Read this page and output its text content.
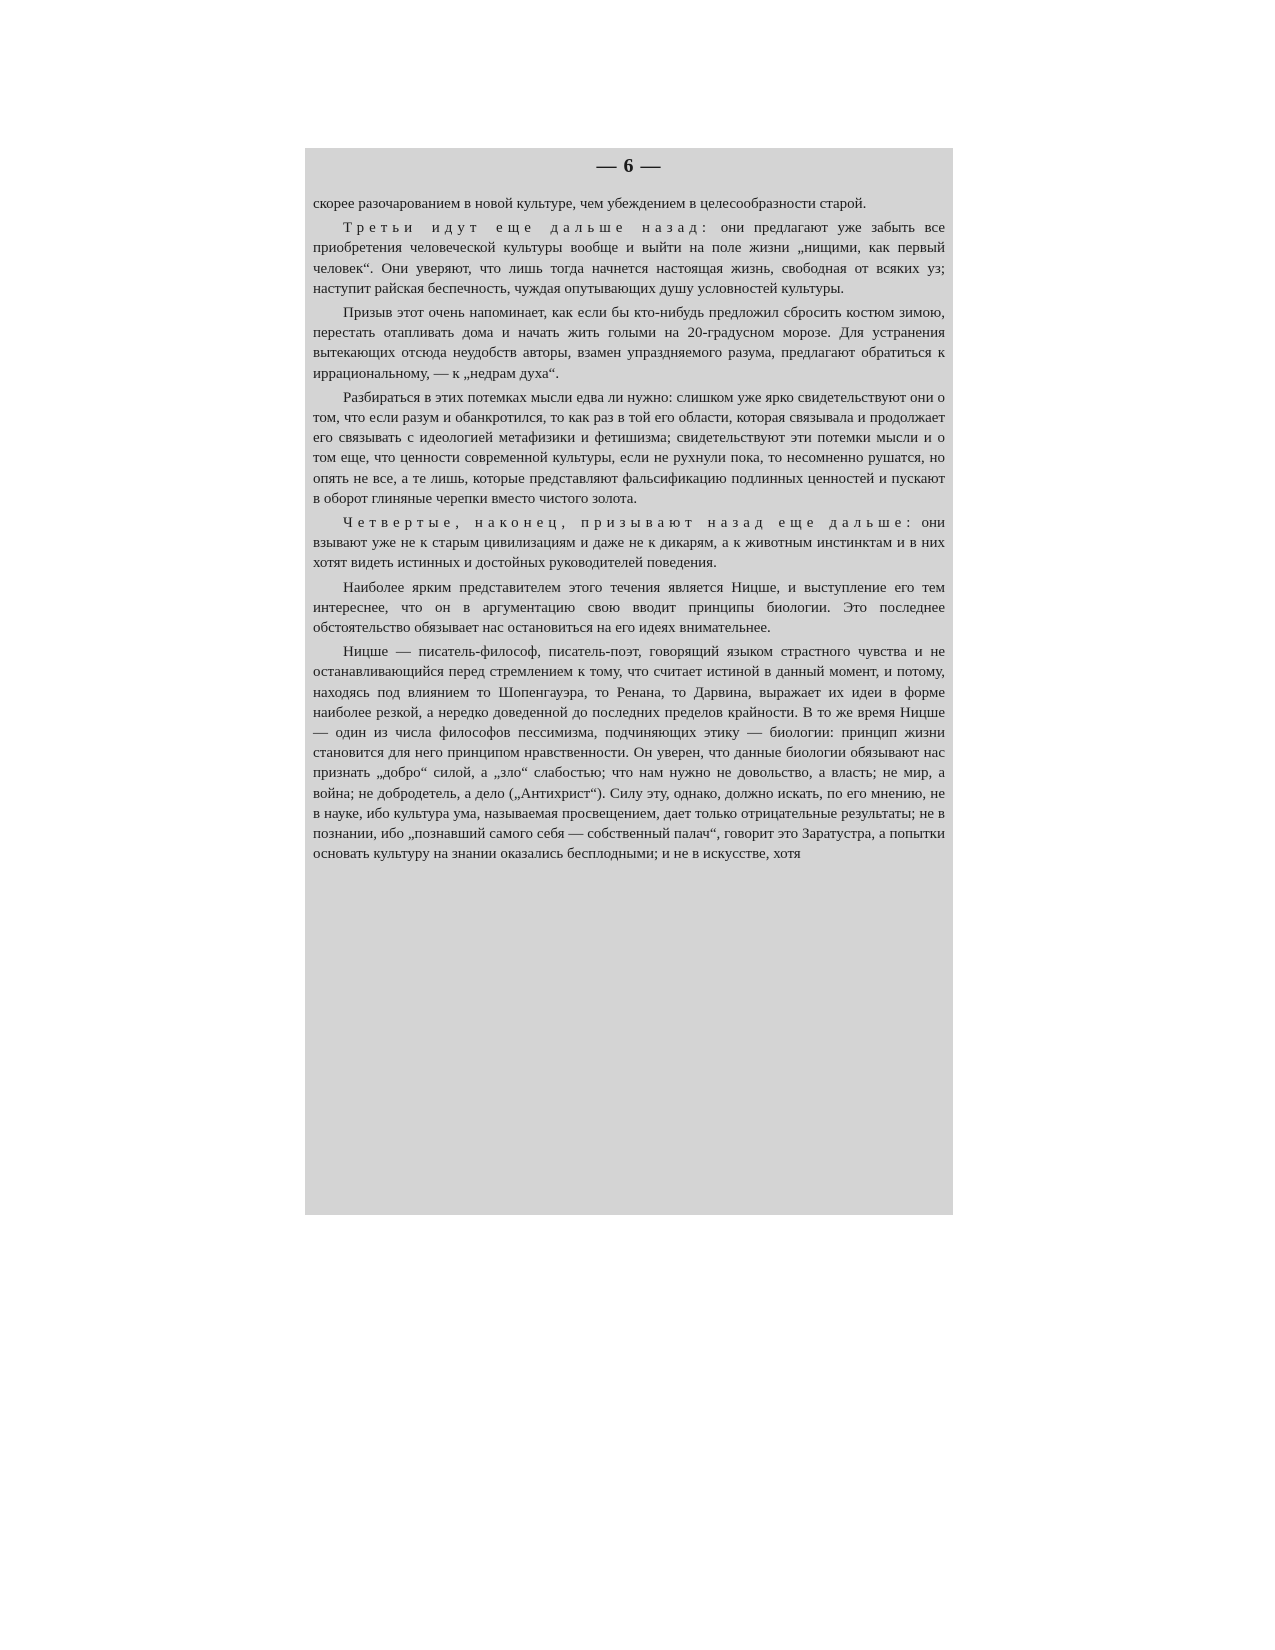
— 6 —

скорее разочарованием в новой культуре, чем убеждением в целесообразности старой.

Третьи идут еще дальше назад: они предлагают уже забыть все приобретения человеческой культуры вообще и выйти на поле жизни „нищими, как первый человек“. Они уверяют, что лишь тогда начнется настоящая жизнь, свободная от всяких уз; наступит райская беспечность, чуждая опутывающих душу условностей культуры.

Призыв этот очень напоминает, как если бы кто-нибудь предложил сбросить костюм зимою, перестать отапливать дома и начать жить голыми на 20-градусном морозе. Для устранения вытекающих отсюда неудобств авторы, взамен упраздняемого разума, предлагают обратиться к иррациональному, — к „недрам духа“.

Разбираться в этих потемках мысли едва ли нужно: слишком уже ярко свидетельствуют они о том, что если разум и обанкротился, то как раз в той его области, которая связывала и продолжает его связывать с идеологией метафизики и фетишизма; свидетельствуют эти потемки мысли и о том еще, что ценности современной культуры, если не рухнули пока, то несомненно рушатся, но опять не все, а те лишь, которые представляют фальсификацию подлинных ценностей и пускают в оборот глиняные черепки вместо чистого золота.

Четвертые, наконец, призывают назад еще дальше: они взывают уже не к старым цивилизациям и даже не к дикарям, а к животным инстинктам и в них хотят видеть истинных и достойных руководителей поведения.

Наиболее ярким представителем этого течения является Ницше, и выступление его тем интереснее, что он в аргументацию свою вводит принципы биологии. Это последнее обстоятельство обязывает нас остановиться на его идеях внимательнее.

Ницше — писатель-философ, писатель-поэт, говорящий языком страстного чувства и не останавливающийся перед стремлением к тому, что считает истиной в данный момент, и потому, находясь под влиянием то Шопенгауэра, то Ренана, то Дарвина, выражает их идеи в форме наиболее резкой, а нередко доведенной до последних пределов крайности. В то же время Ницше — один из числа философов пессимизма, подчиняющих этику — биологии: принцип жизни становится для него принципом нравственности. Он уверен, что данные биологии обязывают нас признать „добро“ силой, а „зло“ слабостью; что нам нужно не довольство, а власть; не мир, а война; не добродетель, а дело („Антихрист“). Силу эту, однако, должно искать, по его мнению, не в науке, ибо культура ума, называемая просвещением, дает только отрицательные результаты; не в познании, ибо „познавший самого себя — собственный палач“, говорит это Заратустра, а попытки основать культуру на знании оказались бесплодными; и не в искусстве, хотя
